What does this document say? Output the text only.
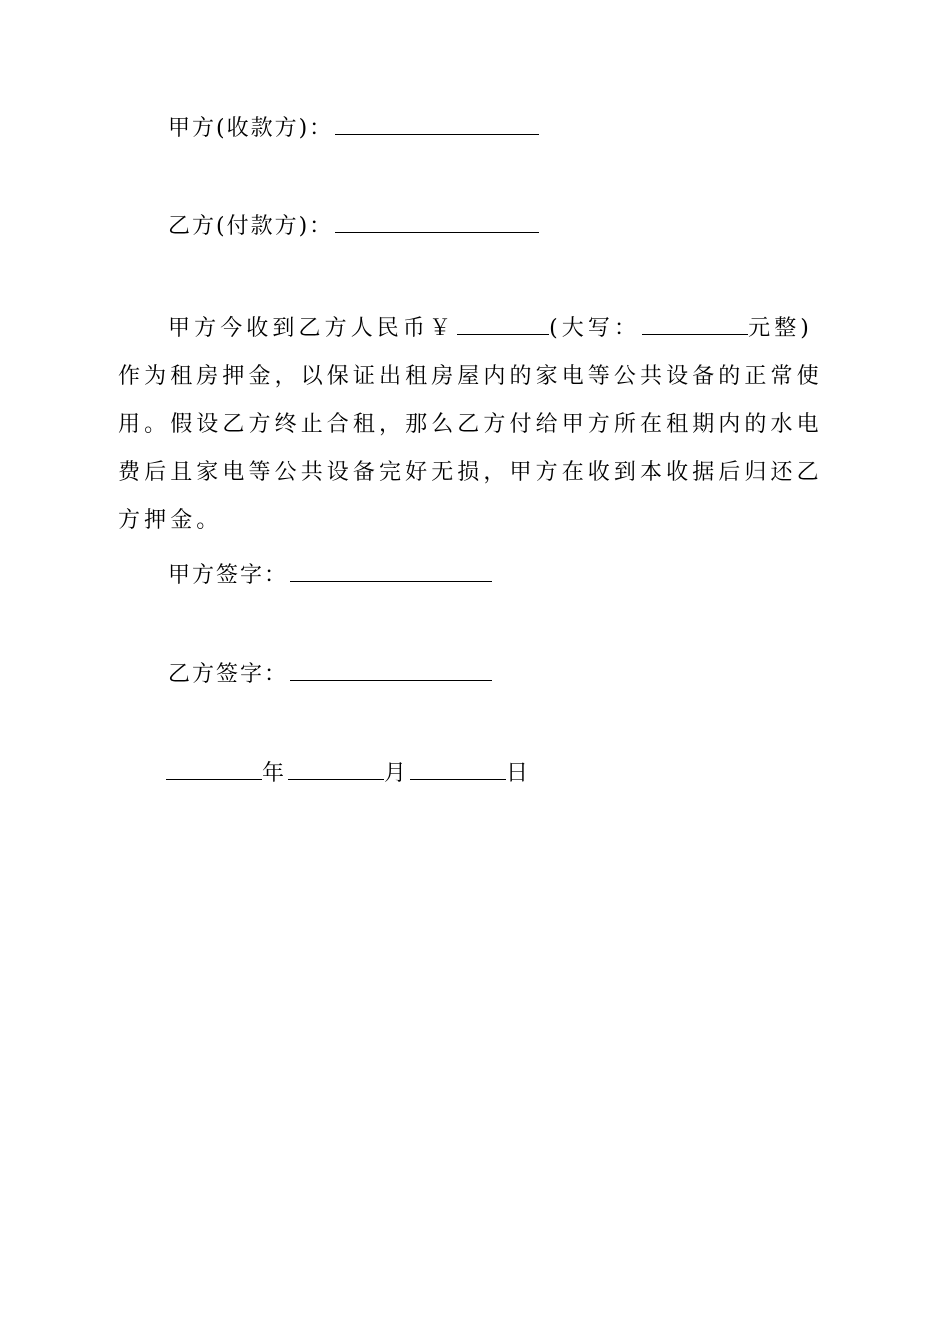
甲方(收款方)：
乙方(付款方)：
甲方今收到乙方人民币￥	(大写：	元整)作为租房押金，以保证出租房屋内的家电等公共设备的正常使用。假设乙方终止合租，那么乙方付给甲方所在租期内的水电费后且家电等公共设备完好无损，甲方在收到本收据后归还乙方押金。
甲方签字：
乙方签字：
年	月	日
